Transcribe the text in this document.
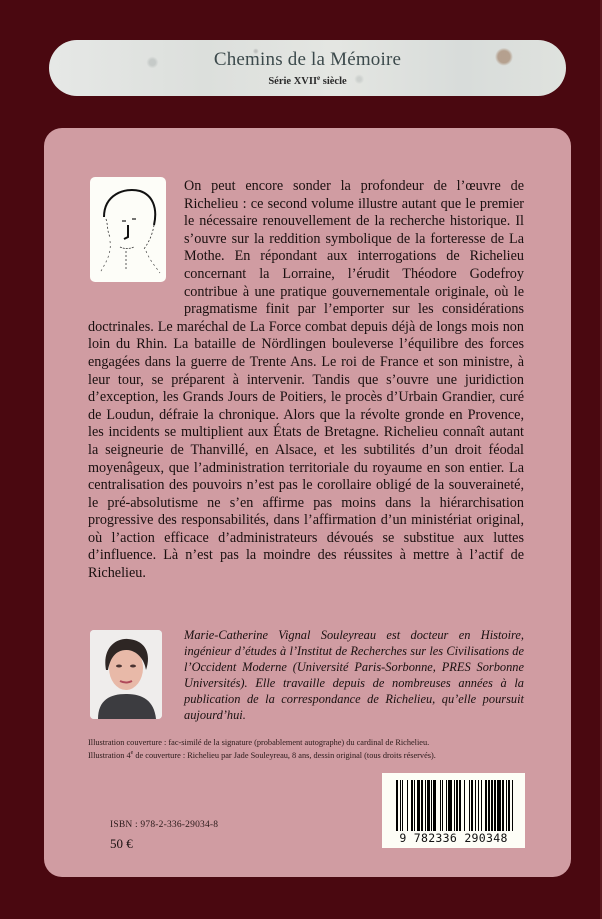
Chemins de la Mémoire
Série XVIIe siècle

On peut encore sonder la profondeur de l’œuvre de Richelieu : ce second volume illustre autant que le premier le nécessaire renouvellement de la recherche historique. Il s’ouvre sur la reddition symbolique de la forteresse de La Mothe. En répondant aux interrogations de Richelieu concernant la Lorraine, l’érudit Théodore Godefroy contribue à une pratique gouvernementale originale, où le pragmatisme finit par l’emporter sur les considérations doctrinales. Le maréchal de La Force combat depuis déjà de longs mois non loin du Rhin. La bataille de Nördlingen bouleverse l’équilibre des forces engagées dans la guerre de Trente Ans. Le roi de France et son ministre, à leur tour, se préparent à intervenir. Tandis que s’ouvre une juridiction d’exception, les Grands Jours de Poitiers, le procès d’Urbain Grandier, curé de Loudun, défraie la chronique. Alors que la révolte gronde en Provence, les incidents se multiplient aux États de Bretagne. Richelieu connaît autant la seigneurie de Thanvillé, en Alsace, et les subtilités d’un droit féodal moyenâgeux, que l’administration territoriale du royaume en son entier. La centralisation des pouvoirs n’est pas le corollaire obligé de la souveraineté, le pré-absolutisme ne s’en affirme pas moins dans la hiérarchisation progressive des responsabilités, dans l’affirmation d’un ministériat original, où l’action efficace d’administrateurs dévoués se substitue aux luttes d’influence. Là n’est pas la moindre des réussites à mettre à l’actif de Richelieu.

Marie-Catherine Vignal Souleyreau est docteur en Histoire, ingénieur d’études à l’Institut de Recherches sur les Civilisations de l’Occident Moderne (Université Paris-Sorbonne, PRES Sorbonne Universités). Elle travaille depuis de nombreuses années à la publication de la correspondance de Richelieu, qu’elle poursuit aujourd’hui.

Illustration couverture : fac-similé de la signature (probablement autographe) du cardinal de Richelieu.
Illustration 4e de couverture : Richelieu par Jade Souleyreau, 8 ans, dessin original (tous droits réservés).
ISBN : 978-2-336-29034-8
50 €	9 782336 290348
